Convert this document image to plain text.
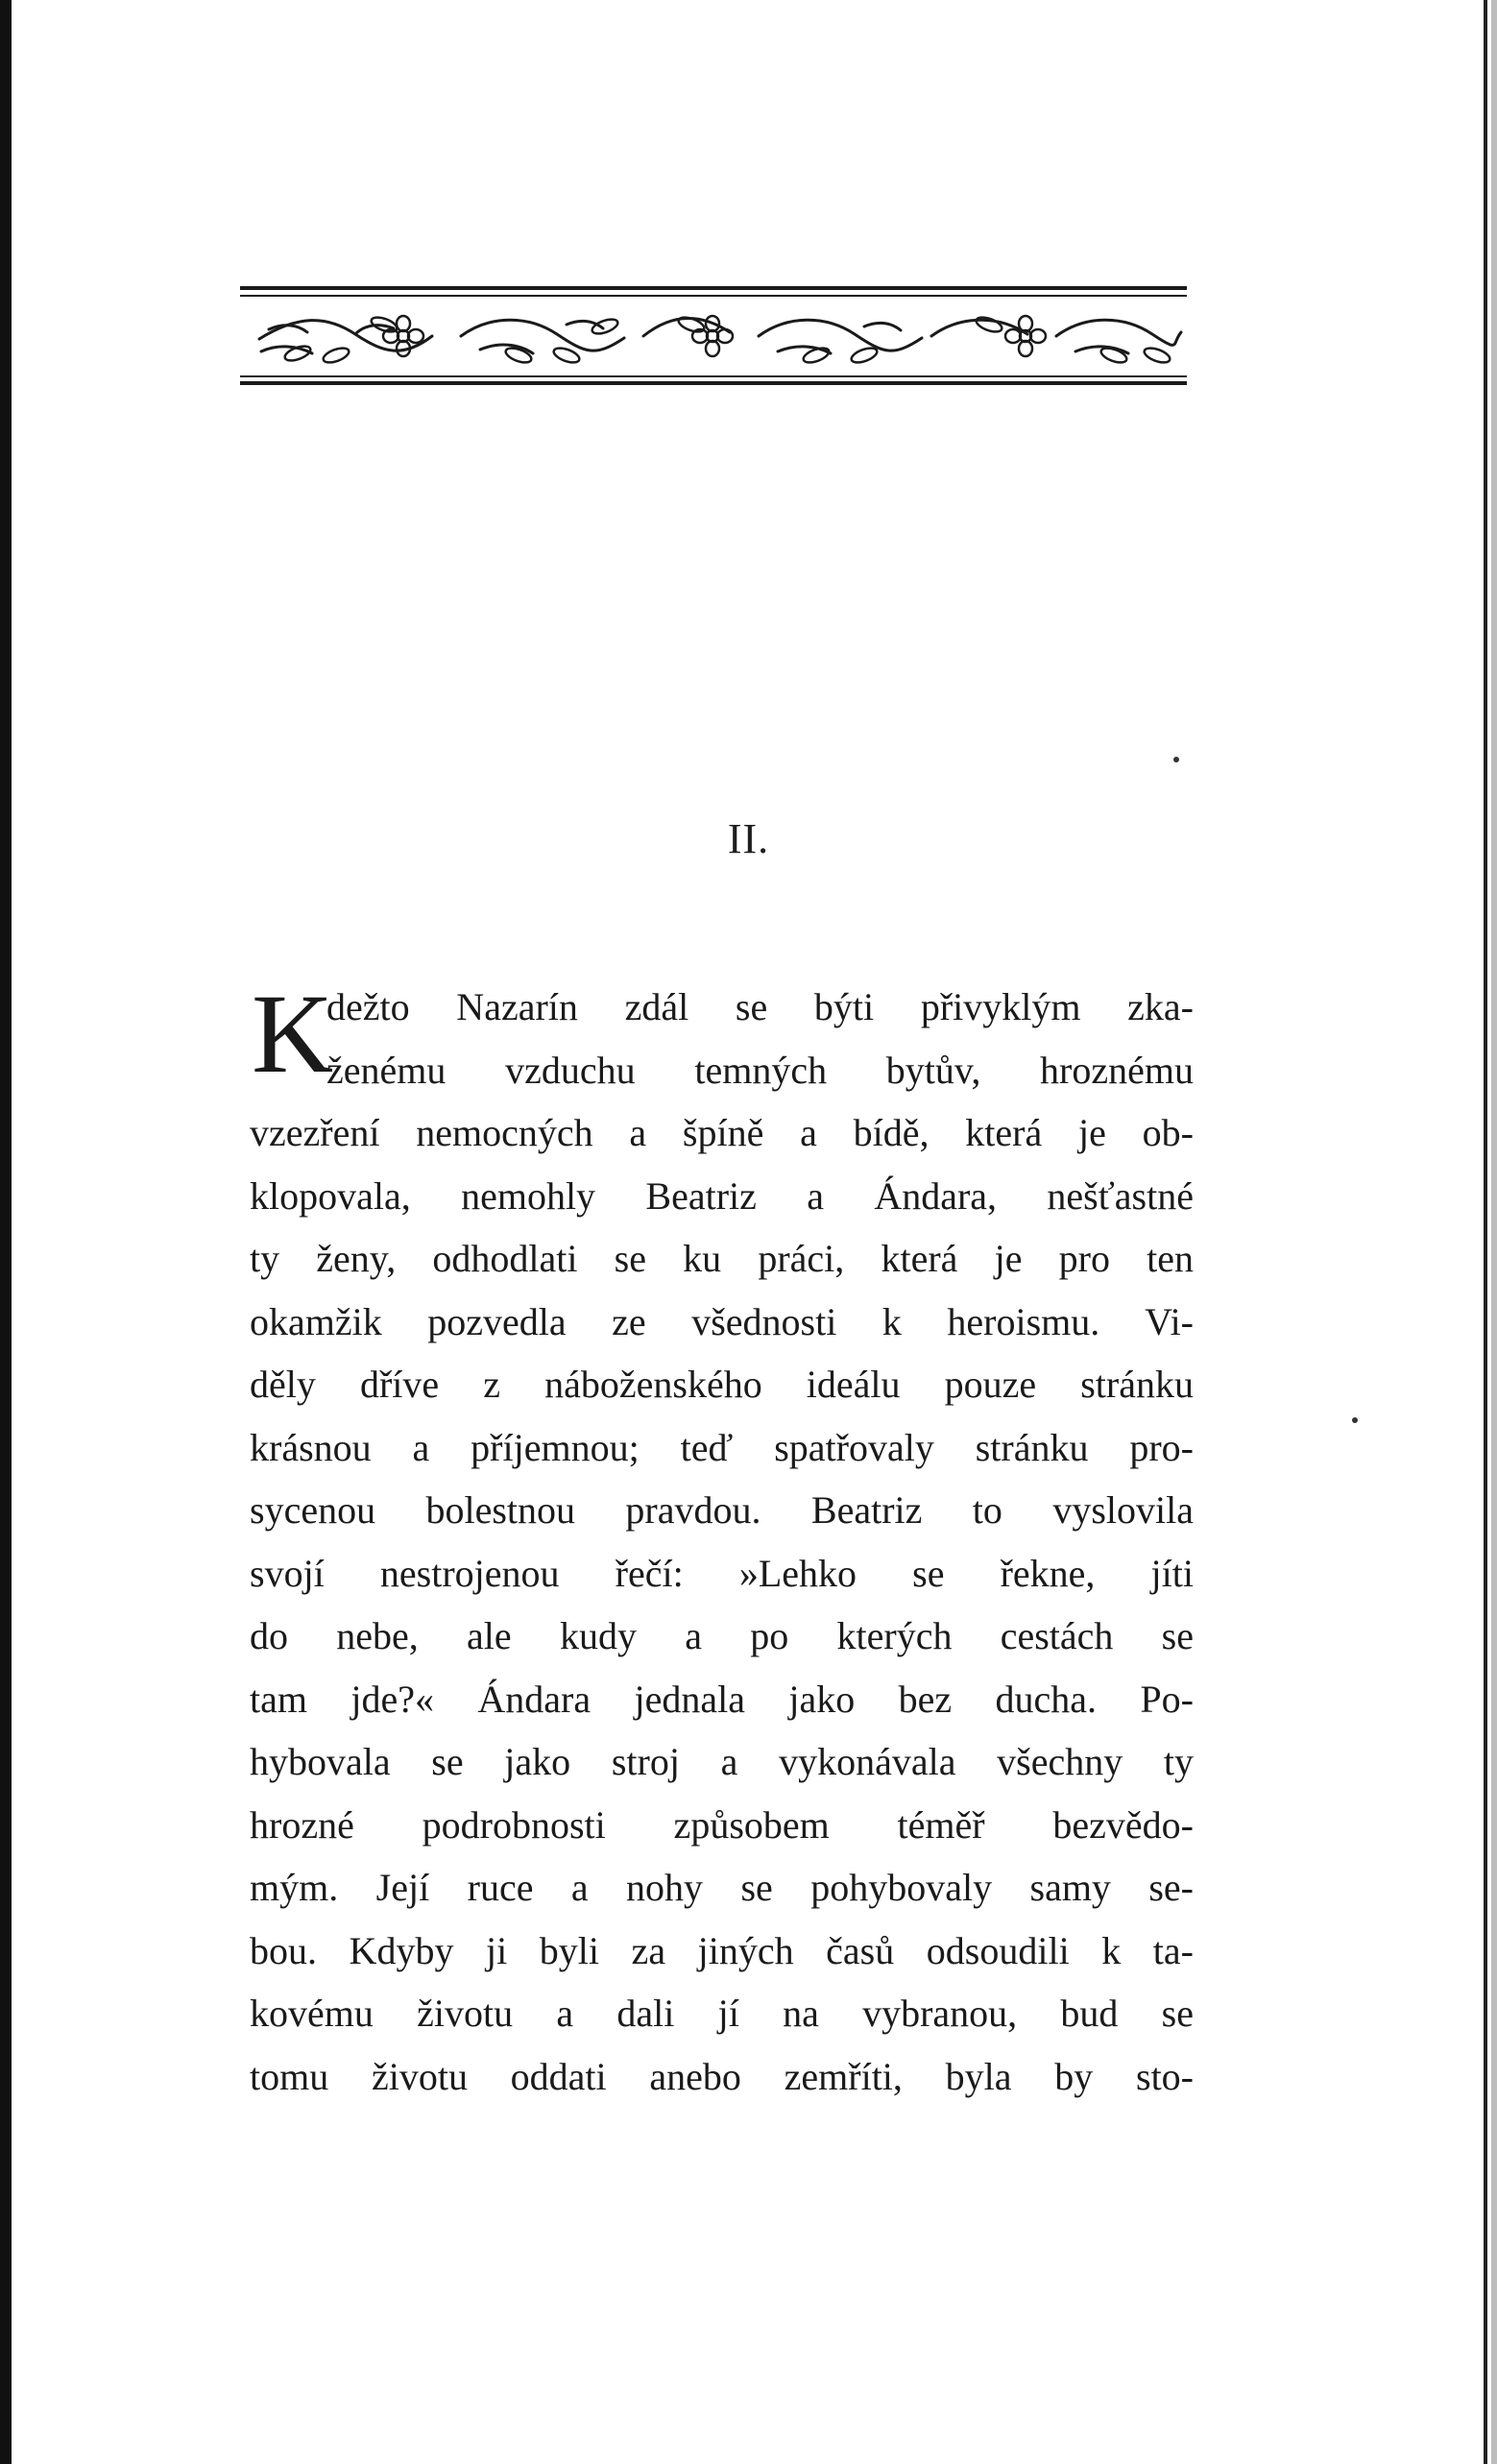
II.
K
dežto Nazarín zdál se býti přivyklým zka-
ženému vzduchu temných bytův, hroznému
vzezření nemocných a špíně a bídě, která je ob-
klopovala, nemohly Beatriz a Ándara, nešťastné
ty ženy, odhodlati se ku práci, která je pro ten
okamžik pozvedla ze všednosti k heroismu. Vi-
děly dříve z náboženského ideálu pouze stránku
krásnou a příjemnou; teď spatřovaly stránku pro-
sycenou bolestnou pravdou. Beatriz to vyslovila
svojí nestrojenou řečí: »Lehko se řekne, jíti
do nebe, ale kudy a po kterých cestách se
tam jde?« Ándara jednala jako bez ducha. Po-
hybovala se jako stroj a vykonávala všechny ty
hrozné podrobnosti způsobem téměř bezvědo-
mým. Její ruce a nohy se pohybovaly samy se-
bou. Kdyby ji byli za jiných časů odsoudili k ta-
kovému životu a dali jí na vybranou, bud se
tomu životu oddati anebo zemříti, byla by sto-
